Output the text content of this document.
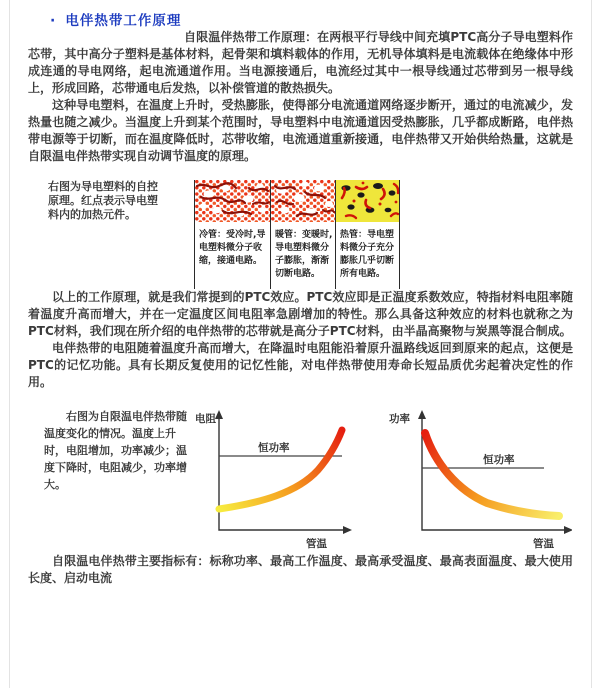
· 电伴热带工作原理

自限温伴热带工作原理：在两根平行导线中间充填PTC高分子导电塑料作芯带，其中高分子塑料是基体材料，起骨架和填料载体的作用，无机导体填料是电流载体在绝缘体中形成连通的导电网络，起电流通道作用。当电源接通后，电流经过其中一根导线通过芯带到另一根导线上，形成回路，芯带通电后发热，以补偿管道的散热损失。

这种导电塑料，在温度上升时，受热膨胀，使得部分电流通道网络逐步断开，通过的电流减少，发热量也随之减少。当温度上升到某个范围时，导电塑料中电流通道因受热膨胀，几乎都成断路，电伴热带电源等于切断，而在温度降低时，芯带收缩，电流通道重新接通，电伴热带又开始供给热量，这就是自限温电伴热带实现自动调节温度的原理。

右图为导电塑料的自控原理。红点表示导电塑料内的加热元件。
冷管：受冷时,导电塑料微分子收缩，接通电路。
暖管：变暖时,导电塑料微分子膨胀，渐渐切断电路。
热管：导电塑料微分子充分膨胀几乎切断所有电路。

以上的工作原理，就是我们常提到的PTC效应。PTC效应即是正温度系数效应，特指材料电阻率随着温度升高而增大，并在一定温度区间电阻率急剧增加的特性。那么具备这种效应的材料也就称之为PTC材料，我们现在所介绍的电伴热带的芯带就是高分子PTC材料，由半晶高聚物与炭黑等混合制成。

电伴热带的电阻随着温度升高而增大，在降温时电阻能沿着原升温路线返回到原来的起点，这便是PTC的记忆功能。具有长期反复使用的记忆性能，对电伴热带使用寿命长短品质优劣起着决定性的作用。

右图为自限温电伴热带随温度变化的情况。温度上升时，电阻增加，功率减少；温度下降时，电阻减少，功率增大。
电阻
恒功率
管温
功率
恒功率
管温

自限温电伴热带主要指标有：标称功率、最高工作温度、最高承受温度、最高表面温度、最大使用长度、启动电流
